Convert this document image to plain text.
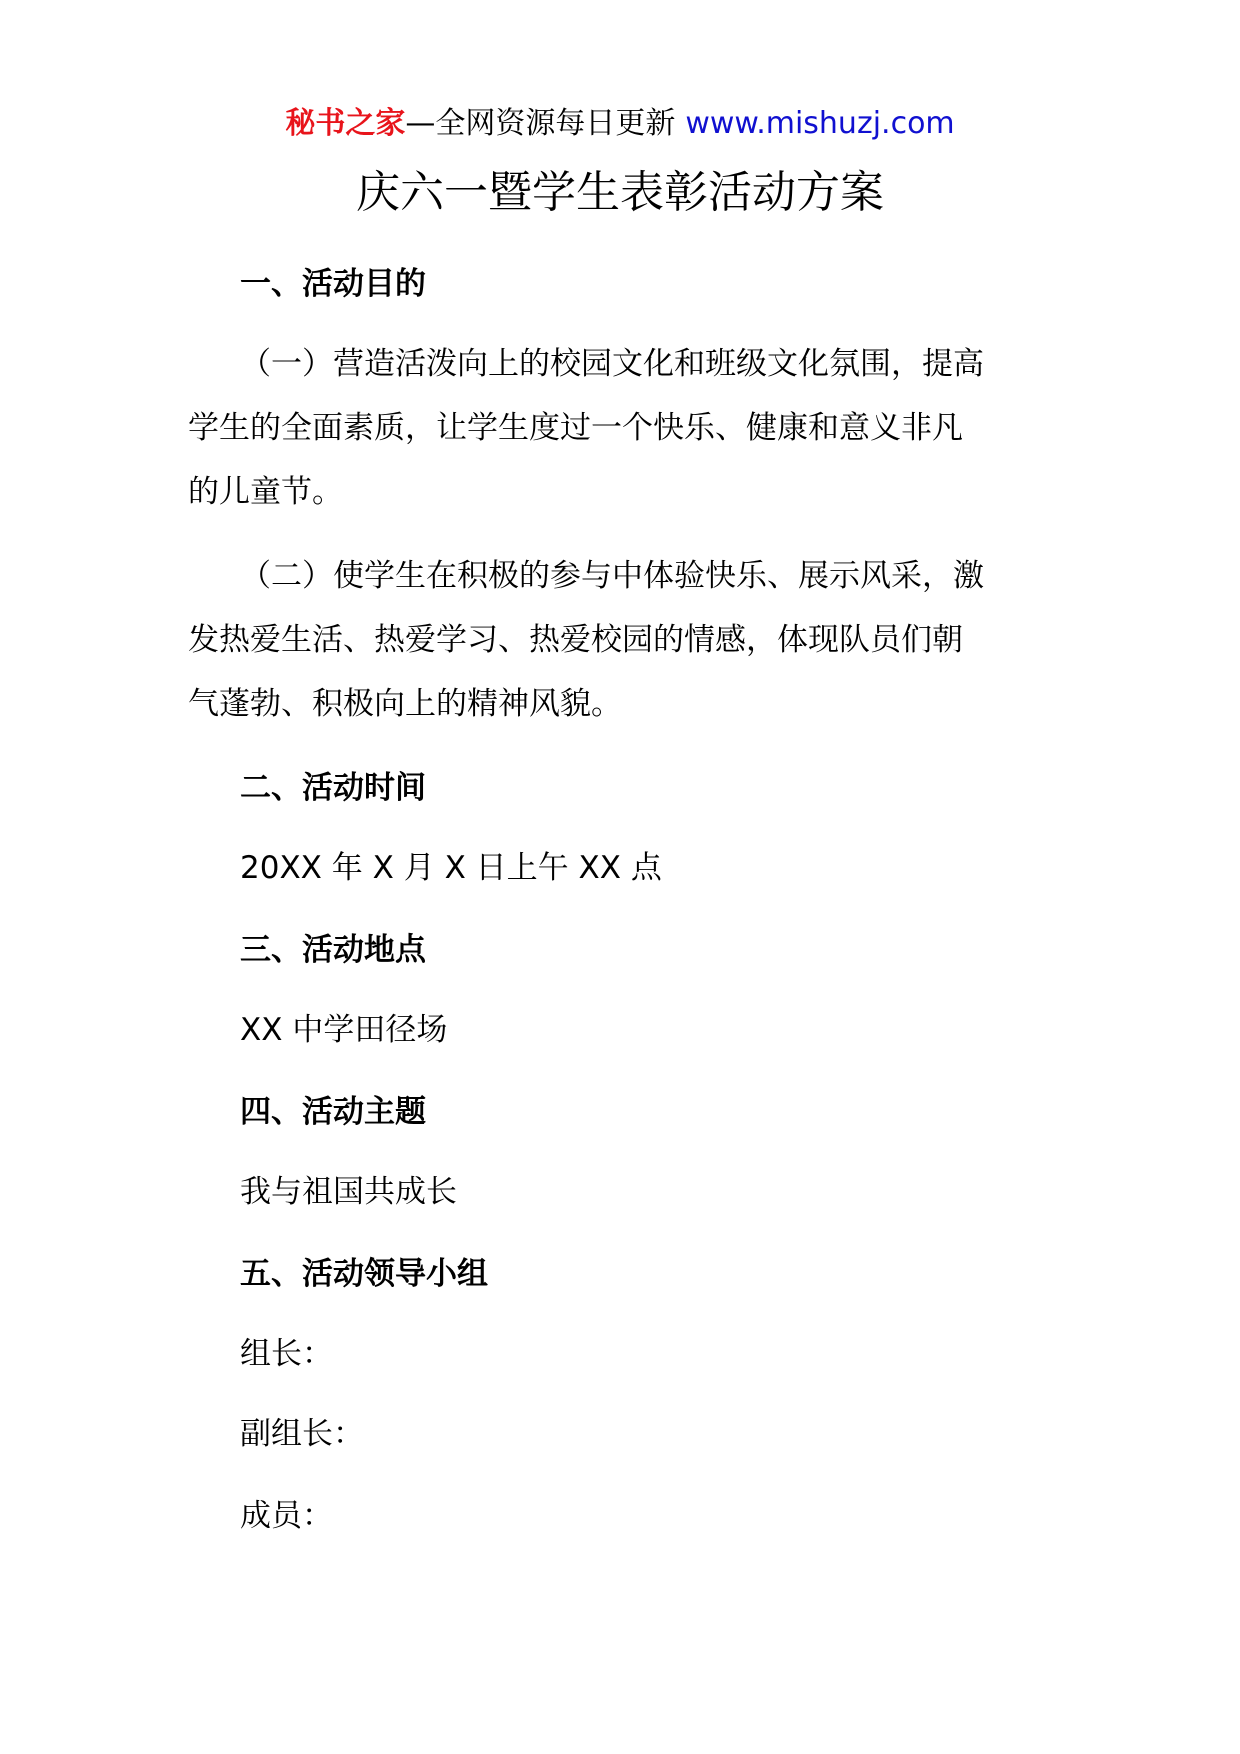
秘书之家—全网资源每日更新 www.mishuzj.com
庆六一暨学生表彰活动方案
一、活动目的
（一）营造活泼向上的校园文化和班级文化氛围，提高
学生的全面素质，让学生度过一个快乐、健康和意义非凡
的儿童节。
（二）使学生在积极的参与中体验快乐、展示风采，激
发热爱生活、热爱学习、热爱校园的情感，体现队员们朝
气蓬勃、积极向上的精神风貌。
二、活动时间
20XX 年 X 月 X 日上午 XX 点
三、活动地点
XX 中学田径场
四、活动主题
我与祖国共成长
五、活动领导小组
组长：
副组长：
成员：
